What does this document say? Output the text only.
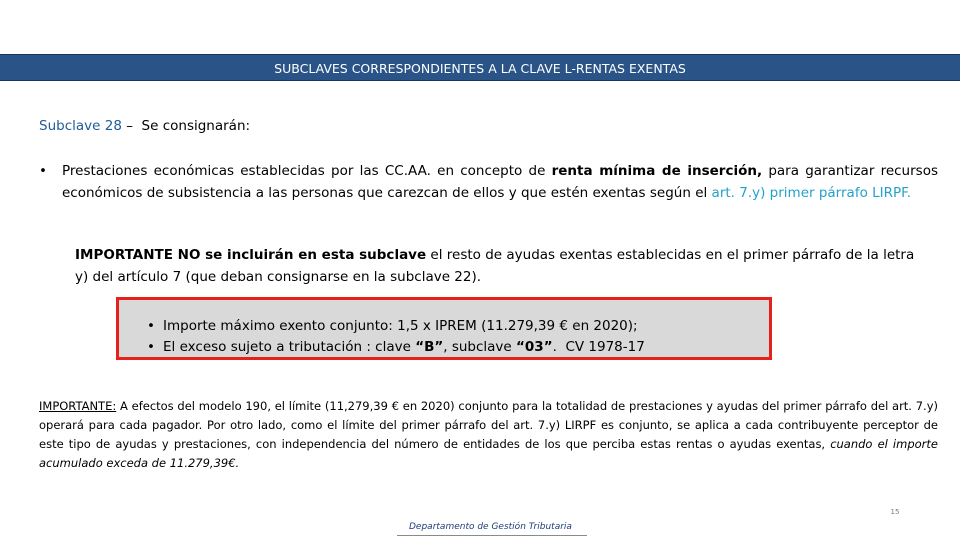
SUBCLAVES CORRESPONDIENTES A LA CLAVE L-RENTAS EXENTAS
Subclave 28 –  Se consignarán:
• Prestaciones económicas establecidas por las CC.AA. en concepto de renta mínima de inserción, para garantizar recursos económicos de subsistencia a las personas que carezcan de ellos y que estén exentas según el art. 7.y) primer párrafo LIRPF.
IMPORTANTE NO se incluirán en esta subclave el resto de ayudas exentas establecidas en el primer párrafo de la letra y) del artículo 7 (que deban consignarse en la subclave 22).
• Importe máximo exento conjunto: 1,5 x IPREM (11.279,39 € en 2020);
• El exceso sujeto a tributación : clave “B”, subclave “03”.  CV 1978-17
IMPORTANTE: A efectos del modelo 190, el límite (11,279,39 € en 2020) conjunto para la totalidad de prestaciones y ayudas del primer párrafo del art. 7.y) operará para cada pagador. Por otro lado, como el límite del primer párrafo del art. 7.y) LIRPF es conjunto, se aplica a cada contribuyente perceptor de este tipo de ayudas y prestaciones, con independencia del número de entidades de los que perciba estas rentas o ayudas exentas, cuando el importe acumulado exceda de 11.279,39€.
15
Departamento de Gestión Tributaria
